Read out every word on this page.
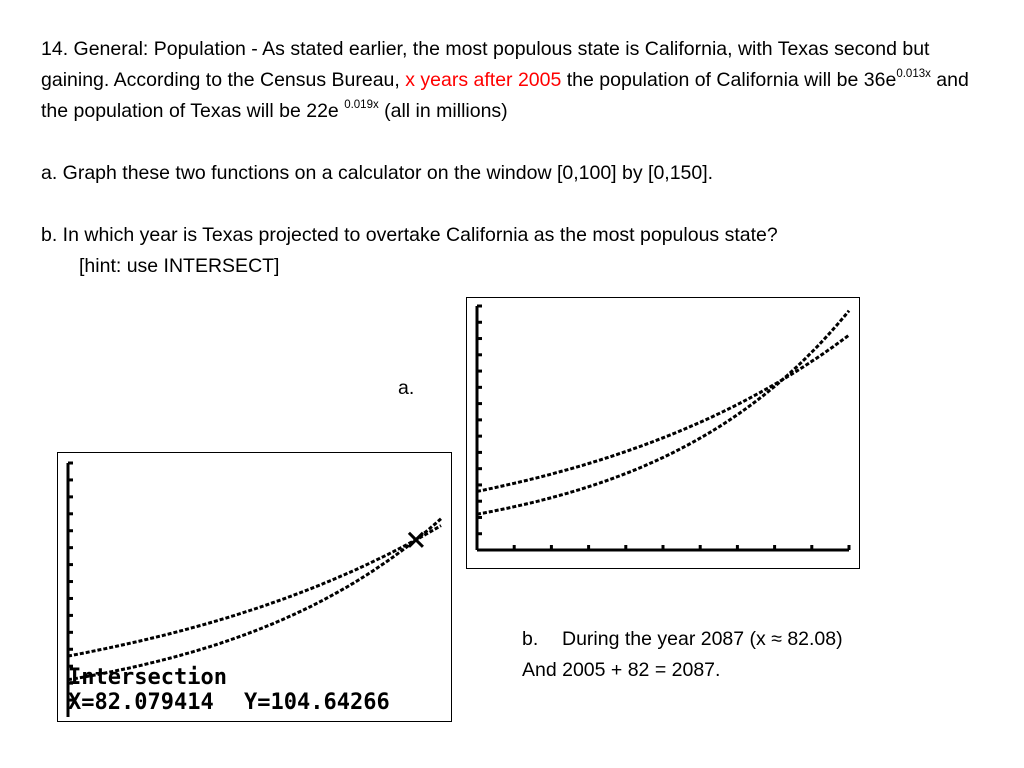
14. General: Population - As stated earlier, the most populous state is California, with Texas second but gaining. According to the Census Bureau, x years after 2005 the population of California will be $36e^{0.013x}$ and the population of Texas will be 22e $^{0.019x}$ (all in millions)

a. Graph these two functions on a calculator on the window [0,100] by [0,150].

b. In which year is Texas projected to overtake California as the most populous state?

[hint: use INTERSECT]

a.
Intersection
X=82.079414 Y=104.64266

b. During the year 2087 (x ≈ 82.08)

And 2005 + 82 = 2087.
